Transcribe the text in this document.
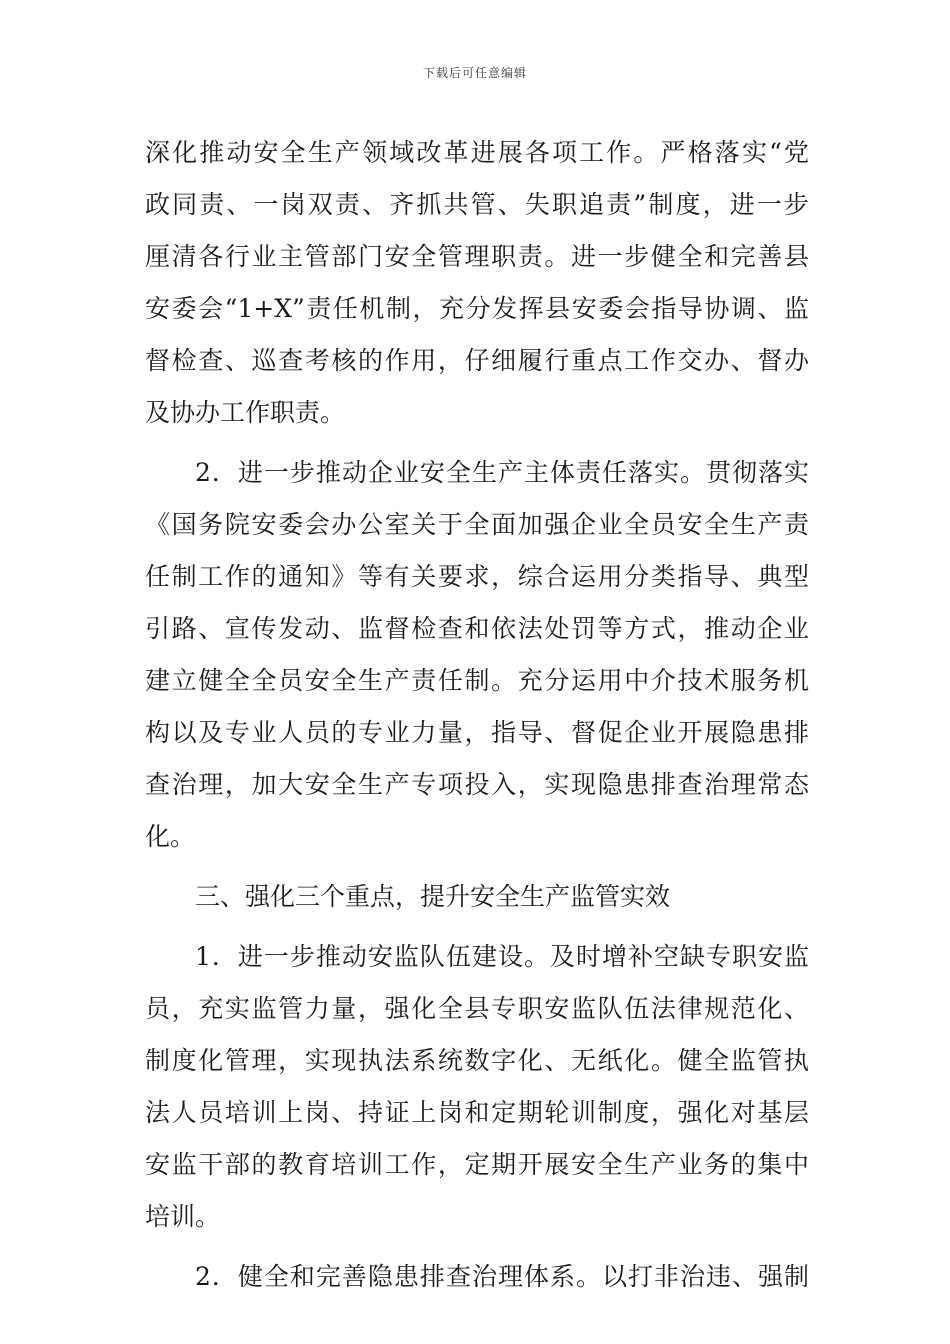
下载后可任意编辑
深化推动安全生产领域改革进展各项工作。严格落实“党
政同责、一岗双责、齐抓共管、失职追责”制度，进一步
厘清各行业主管部门安全管理职责。进一步健全和完善县
安委会“1+X”责任机制，充分发挥县安委会指导协调、监
督检查、巡查考核的作用，仔细履行重点工作交办、督办
及协办工作职责。
2．进一步推动企业安全生产主体责任落实。贯彻落实
《国务院安委会办公室关于全面加强企业全员安全生产责
任制工作的通知》等有关要求，综合运用分类指导、典型
引路、宣传发动、监督检查和依法处罚等方式，推动企业
建立健全全员安全生产责任制。充分运用中介技术服务机
构以及专业人员的专业力量，指导、督促企业开展隐患排
查治理，加大安全生产专项投入，实现隐患排查治理常态
化。
三、强化三个重点，提升安全生产监管实效
1．进一步推动安监队伍建设。及时增补空缺专职安监
员，充实监管力量，强化全县专职安监队伍法律规范化、
制度化管理，实现执法系统数字化、无纸化。健全监管执
法人员培训上岗、持证上岗和定期轮训制度，强化对基层
安监干部的教育培训工作，定期开展安全生产业务的集中
培训。
2．健全和完善隐患排查治理体系。以打非治违、强制
